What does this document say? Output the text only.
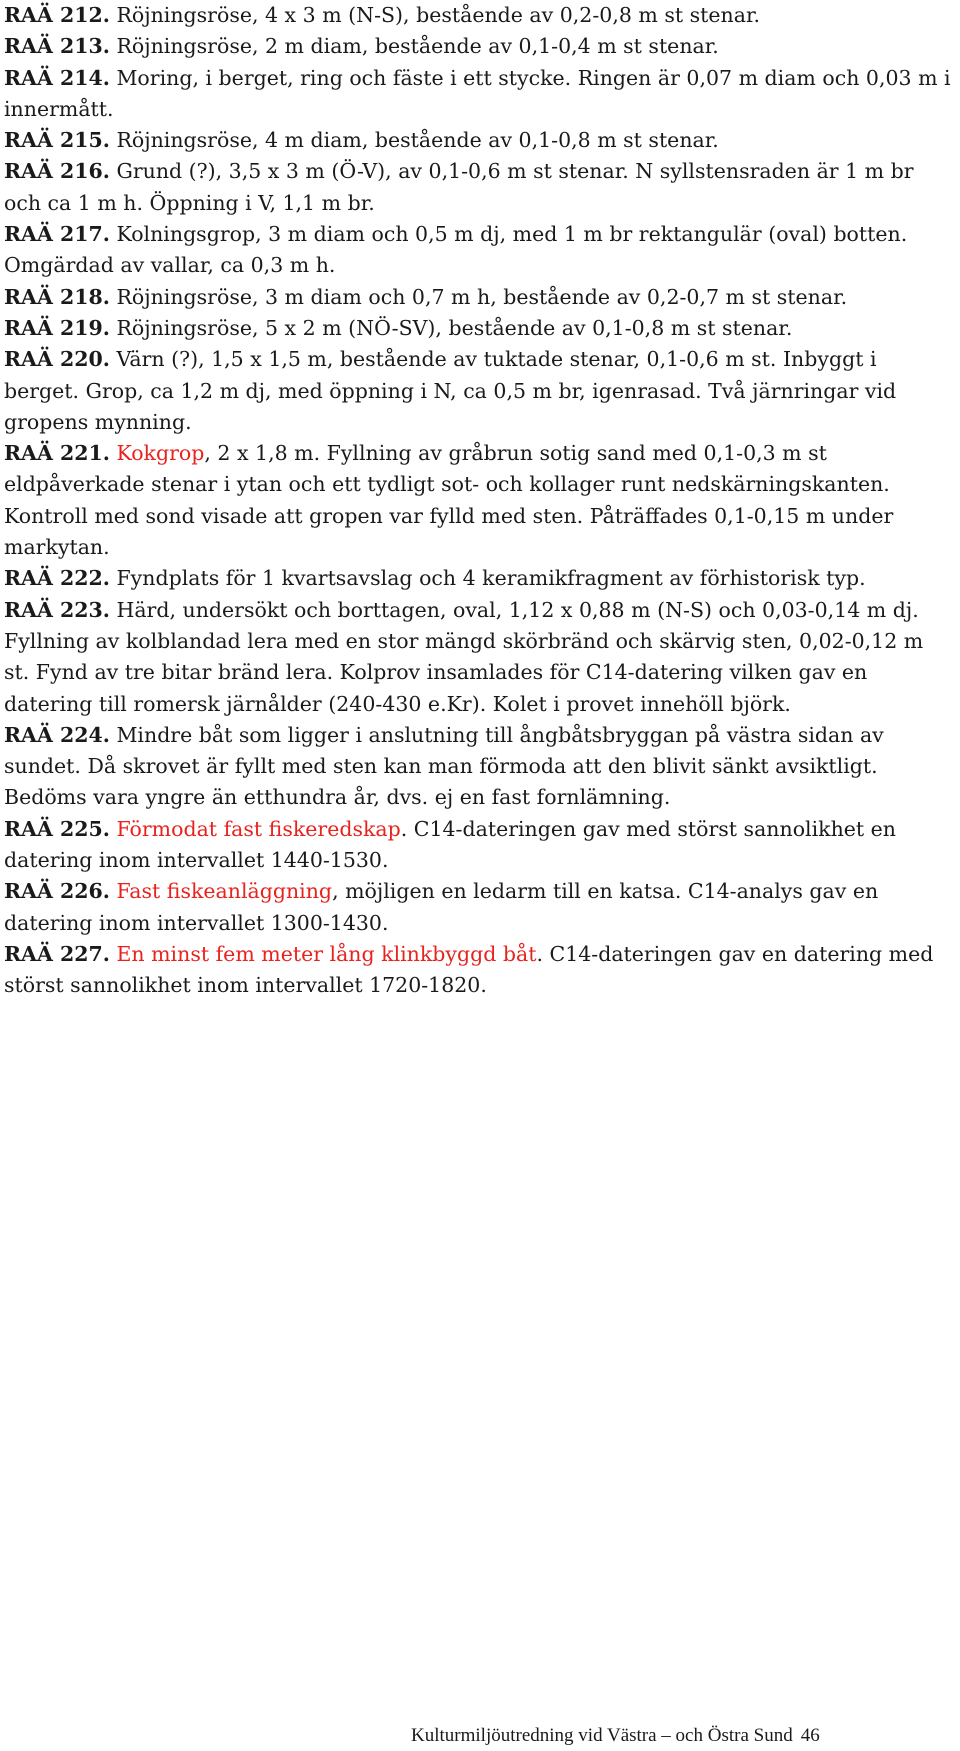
RAÄ 212. Röjningsröse, 4 x 3 m (N-S), bestående av 0,2-0,8 m st stenar.

RAÄ 213. Röjningsröse, 2 m diam, bestående av 0,1-0,4 m st stenar.

RAÄ 214. Moring, i berget, ring och fäste i ett stycke. Ringen är 0,07 m diam och 0,03 m i innermått.

RAÄ 215. Röjningsröse, 4 m diam, bestående av 0,1-0,8 m st stenar.

RAÄ 216. Grund (?), 3,5 x 3 m (Ö-V), av 0,1-0,6 m st stenar. N syllstensraden är 1 m br och ca 1 m h. Öppning i V, 1,1 m br.

RAÄ 217. Kolningsgrop, 3 m diam och 0,5 m dj, med 1 m br rektangulär (oval) botten. Omgärdad av vallar, ca 0,3 m h.

RAÄ 218. Röjningsröse, 3 m diam och 0,7 m h, bestående av 0,2-0,7 m st stenar.

RAÄ 219. Röjningsröse, 5 x 2 m (NÖ-SV), bestående av 0,1-0,8 m st stenar.

RAÄ 220. Värn (?), 1,5 x 1,5 m, bestående av tuktade stenar, 0,1-0,6 m st. Inbyggt i berget. Grop, ca 1,2 m dj, med öppning i N, ca 0,5 m br, igenrasad. Två järnringar vid gropens mynning.

RAÄ 221. Kokgrop, 2 x 1,8 m. Fyllning av gråbrun sotig sand med 0,1-0,3 m st eldpåverkade stenar i ytan och ett tydligt sot- och kollager runt nedskärningskanten. Kontroll med sond visade att gropen var fylld med sten. Påträffades 0,1-0,15 m under markytan.

RAÄ 222. Fyndplats för 1 kvartsavslag och 4 keramikfragment av förhistorisk typ.

RAÄ 223. Härd, undersökt och borttagen, oval, 1,12 x 0,88 m (N-S) och 0,03-0,14 m dj. Fyllning av kolblandad lera med en stor mängd skörbränd och skärvig sten, 0,02-0,12 m st. Fynd av tre bitar bränd lera. Kolprov insamlades för C14-datering vilken gav en datering till romersk järnålder (240-430 e.Kr). Kolet i provet innehöll björk.

RAÄ 224. Mindre båt som ligger i anslutning till ångbåtsbryggan på västra sidan av sundet. Då skrovet är fyllt med sten kan man förmoda att den blivit sänkt avsiktligt. Bedöms vara yngre än etthundra år, dvs. ej en fast fornlämning.

RAÄ 225. Förmodat fast fiskeredskap. C14-dateringen gav med störst sannolikhet en datering inom intervallet 1440-1530.

RAÄ 226. Fast fiskeanläggning, möjligen en ledarm till en katsa. C14-analys gav en datering inom intervallet 1300-1430.

RAÄ 227. En minst fem meter lång klinkbyggd båt. C14-dateringen gav en datering med störst sannolikhet inom intervallet 1720-1820.

Kulturmiljöutredning vid Västra – och Östra Sund 46
